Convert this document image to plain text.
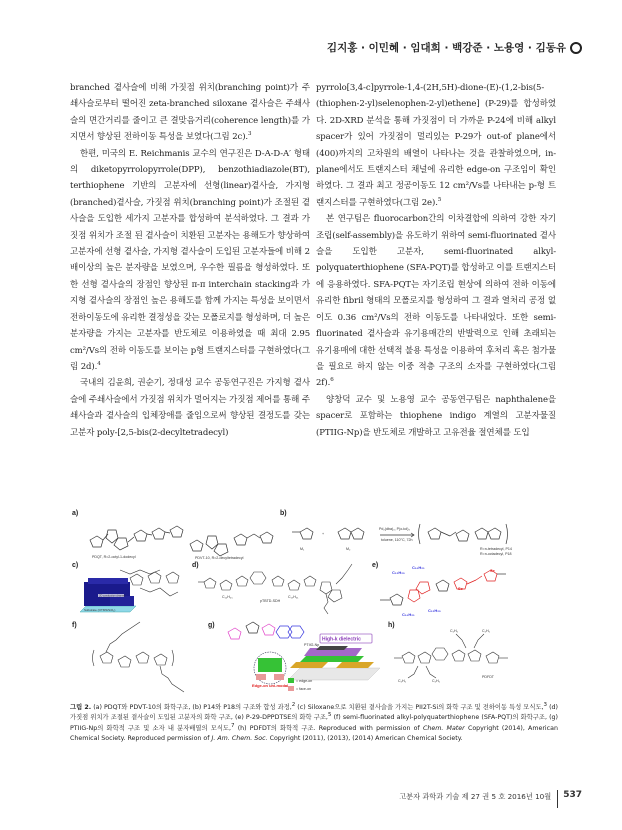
김지홍 · 이민혜 · 임대희 · 백강준 · 노용영 · 김동유

branched 곁사슬에 비해 가짓점 위치(branching point)가 주쇄사슬로부터 떨어진 zeta-branched siloxane 곁사슬은 주쇄사슬의 면간거리를 줄이고 큰 결맞음거리(coherence length)를 가지면서 향상된 전하이동 특성을 보였다(그림 2c).$^3$

한편, 미국의 E. Reichmanis 교수의 연구진은 D-A-D-A′ 형태의 diketopyrrolopyrrole(DPP), benzothiadiazole(BT), terthiophene 기반의 고분자에 선형(linear)곁사슬, 가지형(branched)곁사슬, 가짓점 위치(branching point)가 조절된 곁사슬을 도입한 세가지 고분자를 합성하여 분석하였다. 그 결과 가짓점 위치가 조절 된 곁사슬이 치환된 고분자는 용해도가 향상하여 고분자에 선형 곁사슬, 가지형 곁사슬이 도입된 고분자들에 비해 2배이상의 높은 분자량을 보였으며, 우수한 필름을 형성하였다. 또한 선형 곁사슬의 장점인 향상된 π-π interchain stacking과 가지형 곁사슬의 장점인 높은 용해도를 함께 가지는 특성을 보이면서 전하이동도에 유리한 결정성을 갖는 모폴로지를 형성하며, 더 높은 분자량을 가지는 고분자를 반도체로 이용하였을 때 최대 2.95 cm²/Vs의 전하 이동도를 보이는 p형 트랜지스터를 구현하였다(그림 2d).$^4$

국내의 김윤희, 권순기, 정대성 교수 공동연구진은 가지형 곁사슬에 주쇄사슬에서 가짓점 위치가 멀어지는 가짓점 제어를 통해 주쇄사슬과 곁사슬의 입체장애를 줄임으로써 향상된 결정도를 갖는 고분자 poly-[2,5-bis(2-decyltetradecyl)

pyrrolo[3,4-c]pyrrole-1,4-(2H,5H)-dione-(E)-(1,2-bis(5-(thiophen-2-yl)selenophen-2-yl)ethene] (P-29)를 합성하였다. 2D-XRD 분석을 통해 가짓점이 더 가까운 P-24에 비해 alkyl spacer가 있어 가짓점이 멀리있는 P-29가 out-of plane에서 (400)까지의 고차원의 배열이 나타나는 것을 관찰하였으며, in-plane에서도 트랜지스터 채널에 유리한 edge-on 구조임이 확인하였다. 그 결과 최고 정공이동도 12 cm²/Vs를 나타내는 p-형 트랜지스터를 구현하였다(그림 2e).$^5$

본 연구팀은 fluorocarbon간의 이차결합에 의하여 강한 자기조립(self-assembly)을 유도하기 위하여 semi-fluorinated 곁사슬을 도입한 고분자, semi-fluorinated alkyl-polyquaterthiophene (SFA-PQT)를 합성하고 이를 트랜지스터에 응용하였다. SFA-PQT는 자기조립 현상에 의하여 전하 이동에 유리한 fibril 형태의 모폴로지를 형성하여 그 결과 열처리 공정 없이도 0.36 cm²/Vs의 전하 이동도를 나타내었다. 또한 semi-fluorinated 곁사슬과 유기용매간의 반발력으로 인해 초래되는 유기용매에 대한 선택적 불용 특성을 이용하여 후처리 혹은 첨가물을 필요로 하지 않는 이중 적층 구조의 소자를 구현하였다(그림 2f).$^6$

양창덕 교수 및 노용영 교수 공동연구팀은 naphthalene을 spacer로 포함하는 thiophene indigo 계열의 고분자물질(PTIIG-Np)을 반도체로 개발하고 고유전율 절연체를 도입

a)
PDQT, R=2-octyl-1-dodecyl	PDVT-10, R=2-decyltetradecyl
b)
+
Pd₂(dba)₃, P(o-tol)₃
toluene, 110°C, 72h
M₁	M₂	R=n-tetradecyl, P14
R=n-octadecyl, P18
c)
Substrate (OTMS/SiO₂)
2D conduction channel
d)
pTBTD-SDH
C₁₂H₂₅	C₁₀H₂₁
e)
C₁₂H₂₅
C₁₀H₂₁
C₁₀H₂₁
C₁₂H₂₅
Se
Se
f)	g)
High-k dielectric
PTIIG-Np
= edge-on
= face-on
Edge-on uni-modal
h)
PDFDT
C₂H₅	C₂H₅
C₂H₅	C₂H₅
그림 2. (a) PDQT와 PDVT-10의 화학구조, (b) P14와 P18의 구조와 합성 과정,$^2$ (c) Siloxane으로 치환된 곁사슬을 가지는 PII2T-Si의 화학 구조 및 전하이동 특성 모식도,$^3$ (d) 가짓점 위치가 조절된 곁사슬이 도입된 고분자의 화학 구조, (e) P-29-DPPDTSE의 화학 구조,$^5$ (f) semi-fluorinated alkyl-polyquaterthiophene (SFA-PQT)의 화학구조, (g) PTIIG-Np의 화학적 구조 및 소자 내 분자배열의 모식도,$^7$ (h) PDFDT의 화학적 구조. Reproduced with permission of Chem. Mater Copyright (2014), American Chemical Society. Reproduced permission of J. Am. Chem. Soc. Copyright (2011), (2013), (2014) American Chemical Society.
고분자 과학과 기술 제 27 권 5 호 2016년 10월	537
